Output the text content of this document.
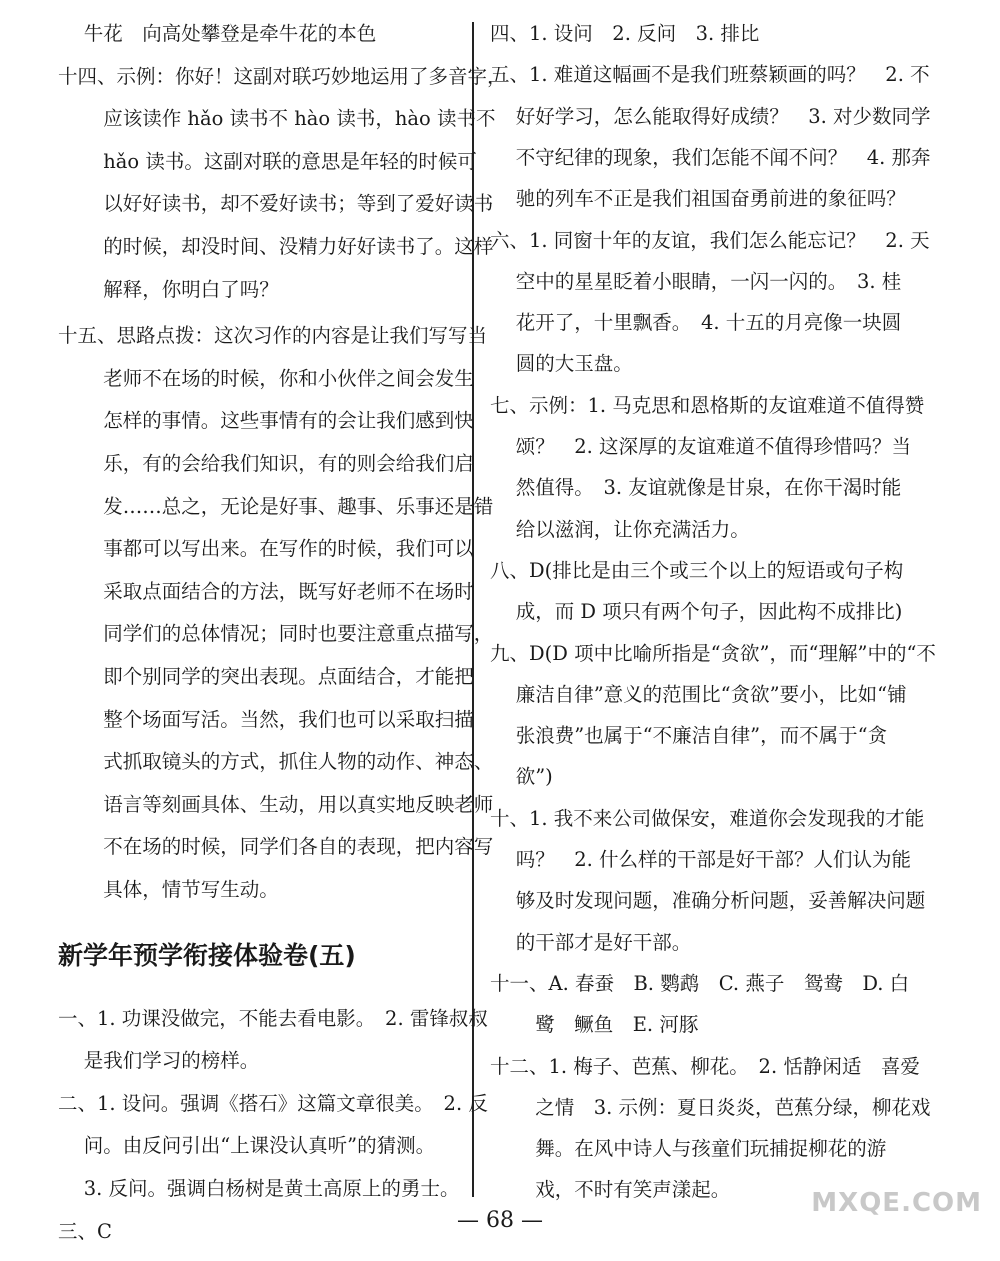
　 牛花　向高处攀登是牵牛花的本色
十四、示例：你好！这副对联巧妙地运用了多音字，
　　 应该读作 hǎo 读书不 hào 读书，hào 读书不
　　 hǎo 读书。这副对联的意思是年轻的时候可
　　 以好好读书，却不爱好读书；等到了爱好读书
　　 的时候，却没时间、没精力好好读书了。这样
　　 解释，你明白了吗？
十五、思路点拨：这次习作的内容是让我们写写当
　　 老师不在场的时候，你和小伙伴之间会发生
　　 怎样的事情。这些事情有的会让我们感到快
　　 乐，有的会给我们知识，有的则会给我们启
　　 发……总之，无论是好事、趣事、乐事还是错
　　 事都可以写出来。在写作的时候，我们可以
　　 采取点面结合的方法，既写好老师不在场时
　　 同学们的总体情况；同时也要注意重点描写，
　　 即个别同学的突出表现。点面结合，才能把
　　 整个场面写活。当然，我们也可以采取扫描
　　 式抓取镜头的方式，抓住人物的动作、神态、
　　 语言等刻画具体、生动，用以真实地反映老师
　　 不在场的时候，同学们各自的表现，把内容写
　　 具体，情节写生动。
新学年预学衔接体验卷(五)
一、1. 功课没做完，不能去看电影。　2. 雷锋叔叔
　 是我们学习的榜样。
二、1. 设问。强调《搭石》这篇文章很美。　2. 反
　 问。由反问引出“上课没认真听”的猜测。
　 3. 反问。强调白杨树是黄土高原上的勇士。
三、C
四、1. 设问　2. 反问　3. 排比
五、1. 难道这幅画不是我们班蔡颖画的吗？　2. 不
　 好好学习，怎么能取得好成绩？　3. 对少数同学
　 不守纪律的现象，我们怎能不闻不问？　4. 那奔
　 驰的列车不正是我们祖国奋勇前进的象征吗？
六、1. 同窗十年的友谊，我们怎么能忘记？　2. 天
　 空中的星星眨着小眼睛，一闪一闪的。　3. 桂
　 花开了，十里飘香。　4. 十五的月亮像一块圆
　 圆的大玉盘。
七、示例：1. 马克思和恩格斯的友谊难道不值得赞
　 颂？　2. 这深厚的友谊难道不值得珍惜吗？当
　 然值得。　3. 友谊就像是甘泉，在你干渴时能
　 给以滋润，让你充满活力。
八、D(排比是由三个或三个以上的短语或句子构
　 成，而 D 项只有两个句子，因此构不成排比)
九、D(D 项中比喻所指是“贪欲”，而“理解”中的“不
　 廉洁自律”意义的范围比“贪欲”要小，比如“铺
　 张浪费”也属于“不廉洁自律”，而不属于“贪
　 欲”)
十、1. 我不来公司做保安，难道你会发现我的才能
　 吗？　2. 什么样的干部是好干部？人们认为能
　 够及时发现问题，准确分析问题，妥善解决问题
　 的干部才是好干部。
十一、A. 春蚕　B. 鹦鹉　C. 燕子　鸳鸯　D. 白
　　 鹭　鳜鱼　E. 河豚
十二、1. 梅子、芭蕉、柳花。　2. 恬静闲适　喜爱
　　 之情　3. 示例：夏日炎炎，芭蕉分绿，柳花戏
　　 舞。在风中诗人与孩童们玩捕捉柳花的游
　　 戏，不时有笑声漾起。
— 68 —
MXQE.COM
